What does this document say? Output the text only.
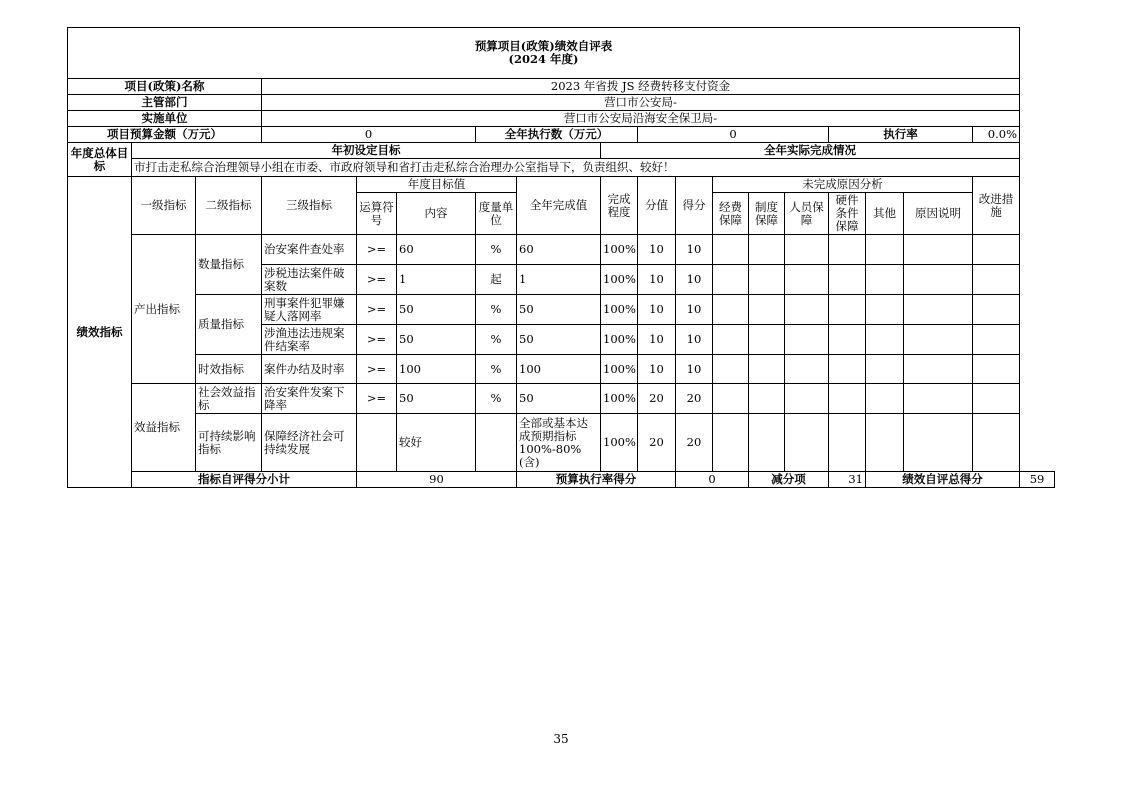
预算项目(政策)绩效自评表
(2024 年度)																		

项目(政策)名称			2023 年省拨 JS 经费转移支付资金															
主管部门			营口市公安局-															
实施单位			营口市公安局沿海安全保卫局-															
项目预算金额（万元）			0			全年执行数（万元）			0					执行率			0.0%	
年度总体目标	年初设定目标							全年实际完成情况										
	市打击走私综合治理领导小组在市委、市政府领导和省打击走私综合治理办公室指导下，负责组织、较好！																	
绩效指标	一级指标	二级指标	三级指标	年度目标值			全年完成值	完成程度	分值	得分	未完成原因分析						改进措施	
				运算符号	内容	度量单位					经费保障	制度保障	人员保障	硬件条件保障	其他	原因说明		

	产出指标	数量指标	治安案件查处率	>=	60	%	60	100%	10	10								
			涉税违法案件破案数	>=	1	起	1	100%	10	10								
		质量指标	刑事案件犯罪嫌疑人落网率	>=	50	%	50	100%	10	10								
			涉渔违法违规案件结案率	>=	50	%	50	100%	10	10								
		时效指标	案件办结及时率	>=	100	%	100	100%	10	10								
	效益指标	社会效益指标	治安案件发案下降率	>=	50	%	50	100%	20	20								
		可持续影响指标	保障经济社会可持续发展		较好		全部或基本达成预期指标100%-80%(含)	100%	20	20								
	指标自评得分小计			90			预算执行率得分			0		减分项		31	绩效自评总得分			59
35
